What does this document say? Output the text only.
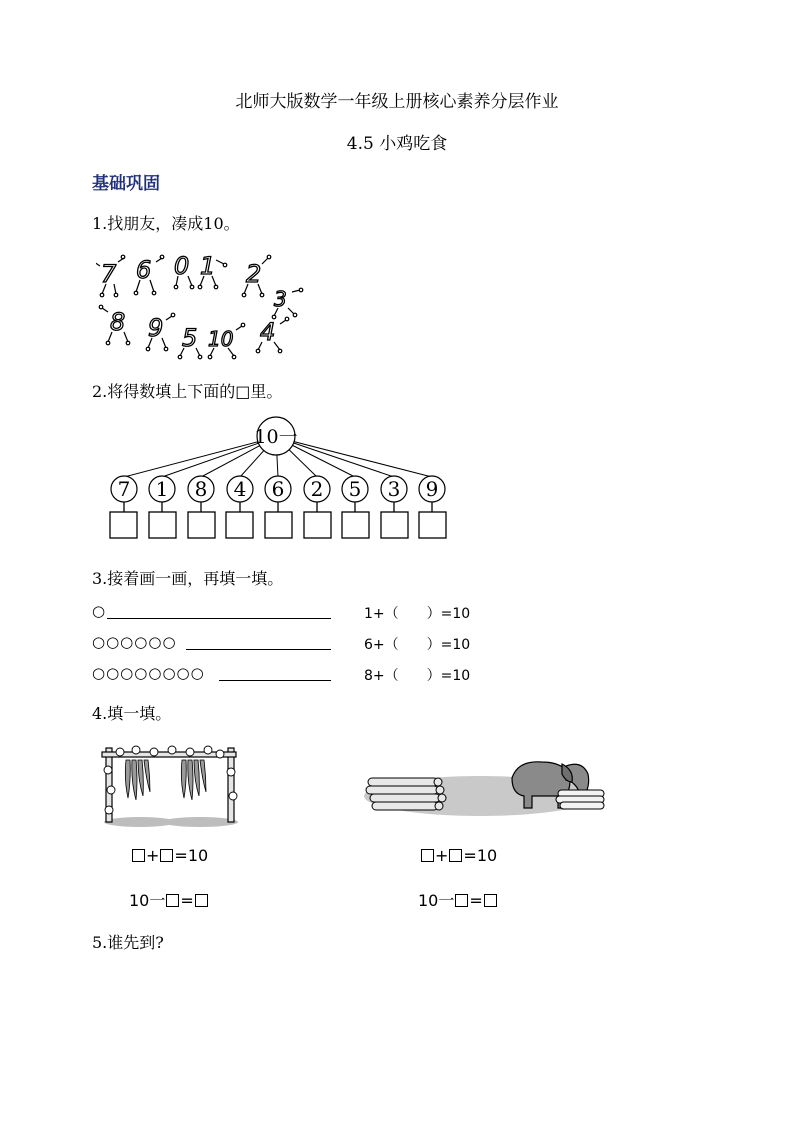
北师大版数学一年级上册核心素养分层作业
4.5 小鸡吃食
基础巩固
1.找朋友，凑成10。
7 6 0 1 2
3
8 9 5 10 4
2.将得数填上下面的□里。
10一
7 1 8 4 6 2 5 3 9
3.接着画一画，再填一填。
○	1+（　　）=10
○○○○○○	6+（　　）=10
○○○○○○○○	8+（　　）=10
4.填一填。
+ =10
10一 =
+ =10
10一 =
5.谁先到?
